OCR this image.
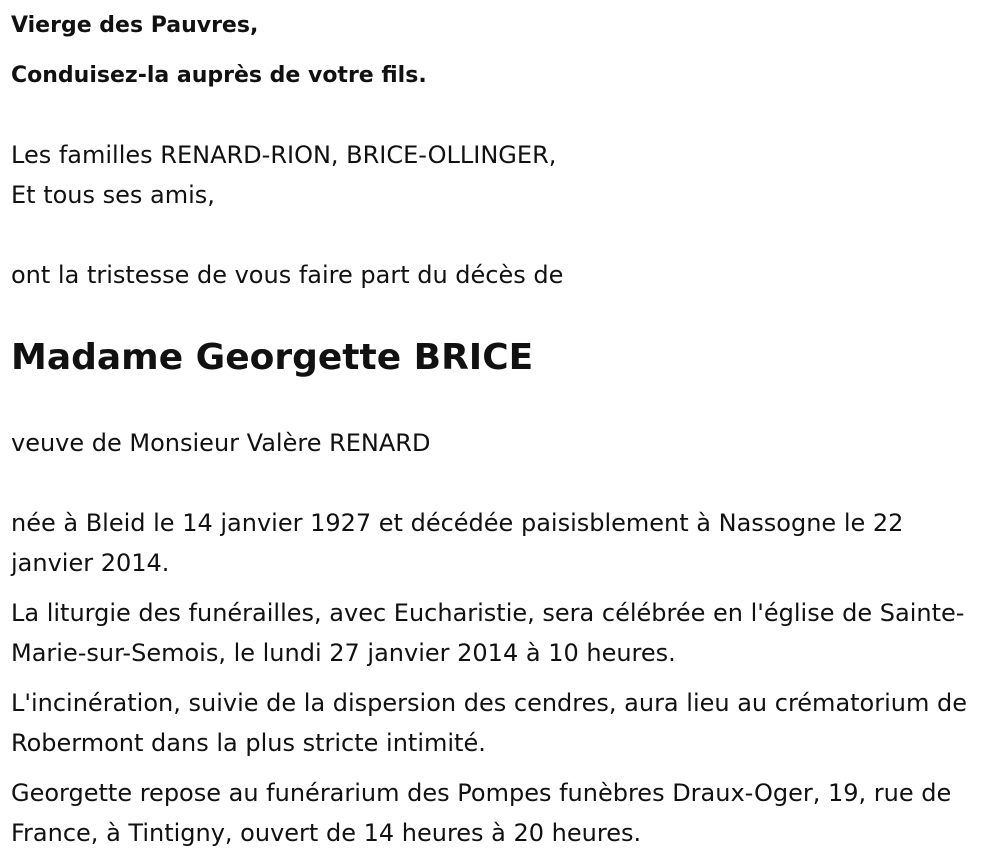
Vierge des Pauvres,
Conduisez-la auprès de votre fils.
Les familles RENARD-RION, BRICE-OLLINGER,
Et tous ses amis,
ont la tristesse de vous faire part du décès de
Madame Georgette BRICE
veuve de Monsieur Valère RENARD
née à Bleid le 14 janvier 1927 et décédée paisisblement à Nassogne le 22 janvier 2014.
La liturgie des funérailles, avec Eucharistie, sera célébrée en l'église de Sainte-Marie-sur-Semois, le lundi 27 janvier 2014 à 10 heures.
L'incinération, suivie de la dispersion des cendres, aura lieu au crématorium de Robermont dans la plus stricte intimité.
Georgette repose au funérarium des Pompes funèbres Draux-Oger, 19, rue de France, à Tintigny, ouvert de 14 heures à 20 heures.
